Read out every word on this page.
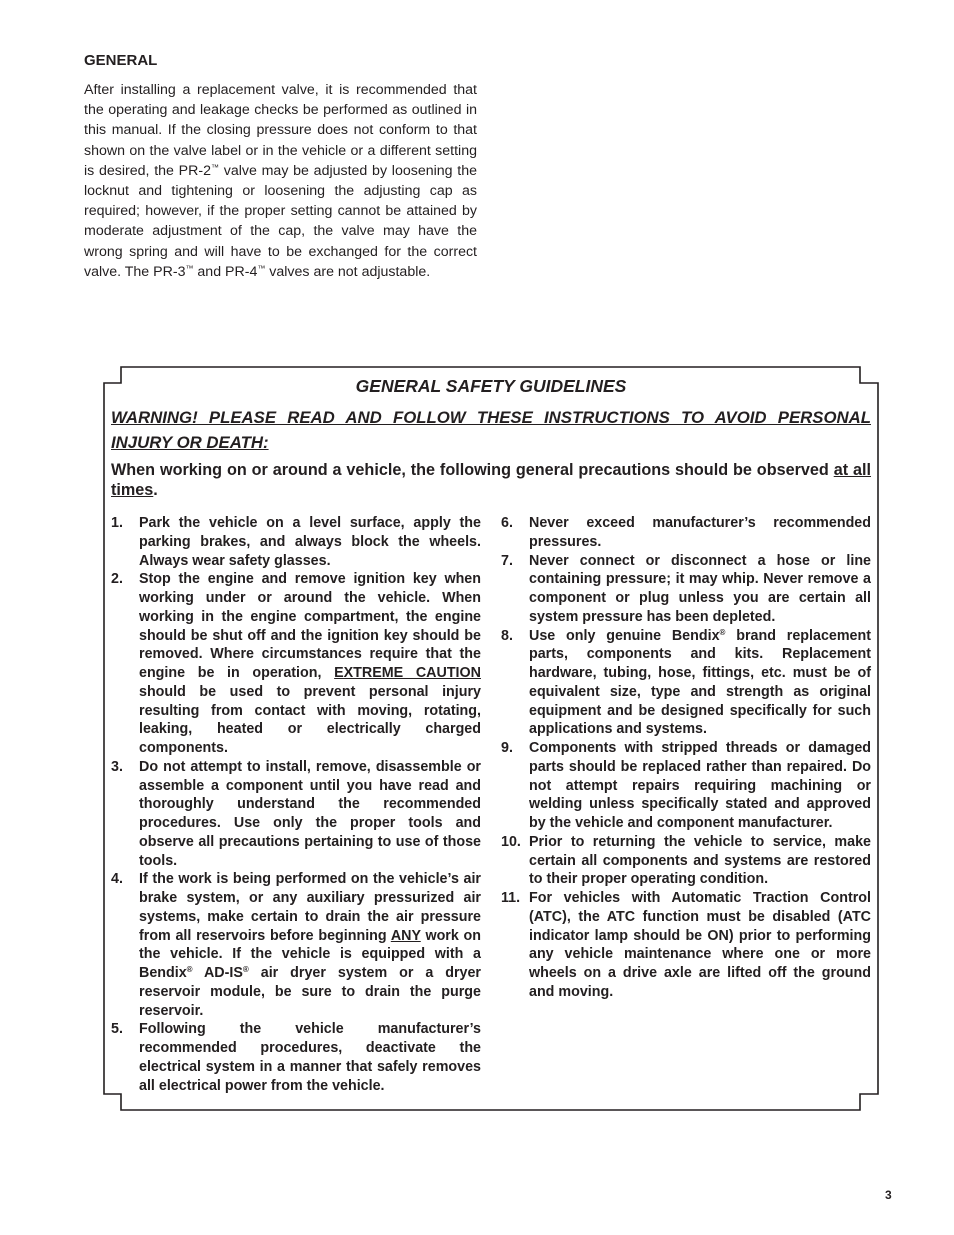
GENERAL

After installing a replacement valve, it is recommended that the operating and leakage checks be performed as outlined in this manual. If the closing pressure does not conform to that shown on the valve label or in the vehicle or a different setting is desired, the PR-2™ valve may be adjusted by loosening the locknut and tightening or loosening the adjusting cap as required; however, if the proper setting cannot be attained by moderate adjustment of the cap, the valve may have the wrong spring and will have to be exchanged for the correct valve. The PR-3™ and PR-4™ valves are not adjustable.

GENERAL SAFETY GUIDELINES

WARNING! PLEASE READ AND FOLLOW THESE INSTRUCTIONS TO AVOID PERSONAL INJURY OR DEATH:

When working on or around a vehicle, the following general precautions should be observed at all times.

1. Park the vehicle on a level surface, apply the parking brakes, and always block the wheels. Always wear safety glasses.
2. Stop the engine and remove ignition key when working under or around the vehicle. When working in the engine compartment, the engine should be shut off and the ignition key should be removed. Where circumstances require that the engine be in operation, EXTREME CAUTION should be used to prevent personal injury resulting from contact with moving, rotating, leaking, heated or electrically charged components.
3. Do not attempt to install, remove, disassemble or assemble a component until you have read and thoroughly understand the recommended procedures. Use only the proper tools and observe all precautions pertaining to use of those tools.
4. If the work is being performed on the vehicle’s air brake system, or any auxiliary pressurized air systems, make certain to drain the air pressure from all reservoirs before beginning ANY work on the vehicle. If the vehicle is equipped with a Bendix® AD-IS® air dryer system or a dryer reservoir module, be sure to drain the purge reservoir.
5. Following the vehicle manufacturer’s recommended procedures, deactivate the electrical system in a manner that safely removes all electrical power from the vehicle.
6. Never exceed manufacturer’s recommended pressures.
7. Never connect or disconnect a hose or line containing pressure; it may whip. Never remove a component or plug unless you are certain all system pressure has been depleted.
8. Use only genuine Bendix® brand replacement parts, components and kits. Replacement hardware, tubing, hose, fittings, etc. must be of equivalent size, type and strength as original equipment and be designed specifically for such applications and systems.
9. Components with stripped threads or damaged parts should be replaced rather than repaired. Do not attempt repairs requiring machining or welding unless specifically stated and approved by the vehicle and component manufacturer.
10. Prior to returning the vehicle to service, make certain all components and systems are restored to their proper operating condition.
11. For vehicles with Automatic Traction Control (ATC), the ATC function must be disabled (ATC indicator lamp should be ON) prior to performing any vehicle maintenance where one or more wheels on a drive axle are lifted off the ground and moving.
3
